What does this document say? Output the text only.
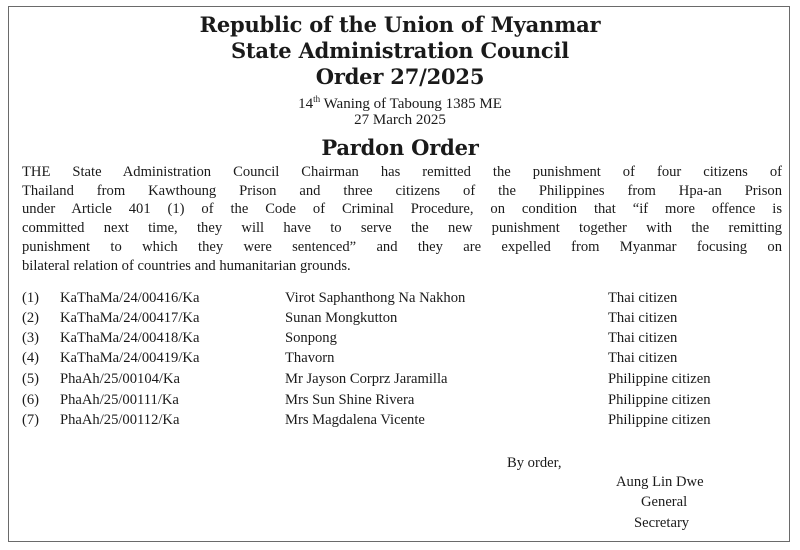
Republic of the Union of Myanmar
State Administration Council
Order 27/2025
14th Waning of Taboung 1385 ME
27 March 2025
Pardon Order
THE State Administration Council Chairman has remitted the punishment of four citizens of
Thailand from Kawthoung Prison and three citizens of the Philippines from Hpa-an Prison
under Article 401 (1) of the Code of Criminal Procedure, on condition that “if more offence is
committed next time, they will have to serve the new punishment together with the remitting
punishment to which they were sentenced” and they are expelled from Myanmar focusing on
bilateral relation of countries and humanitarian grounds.
(1) KaThaMa/24/00416/Ka	Virot Saphanthong Na Nakhon	Thai citizen
(2) KaThaMa/24/00417/Ka	Sunan Mongkutton	Thai citizen
(3) KaThaMa/24/00418/Ka	Sonpong	Thai citizen
(4) KaThaMa/24/00419/Ka	Thavorn	Thai citizen
(5) PhaAh/25/00104/Ka	Mr Jayson Corprz Jaramilla	Philippine citizen
(6) PhaAh/25/00111/Ka	Mrs Sun Shine Rivera	Philippine citizen
(7) PhaAh/25/00112/Ka	Mrs Magdalena Vicente	Philippine citizen
By order,
Aung Lin Dwe
General
Secretary
